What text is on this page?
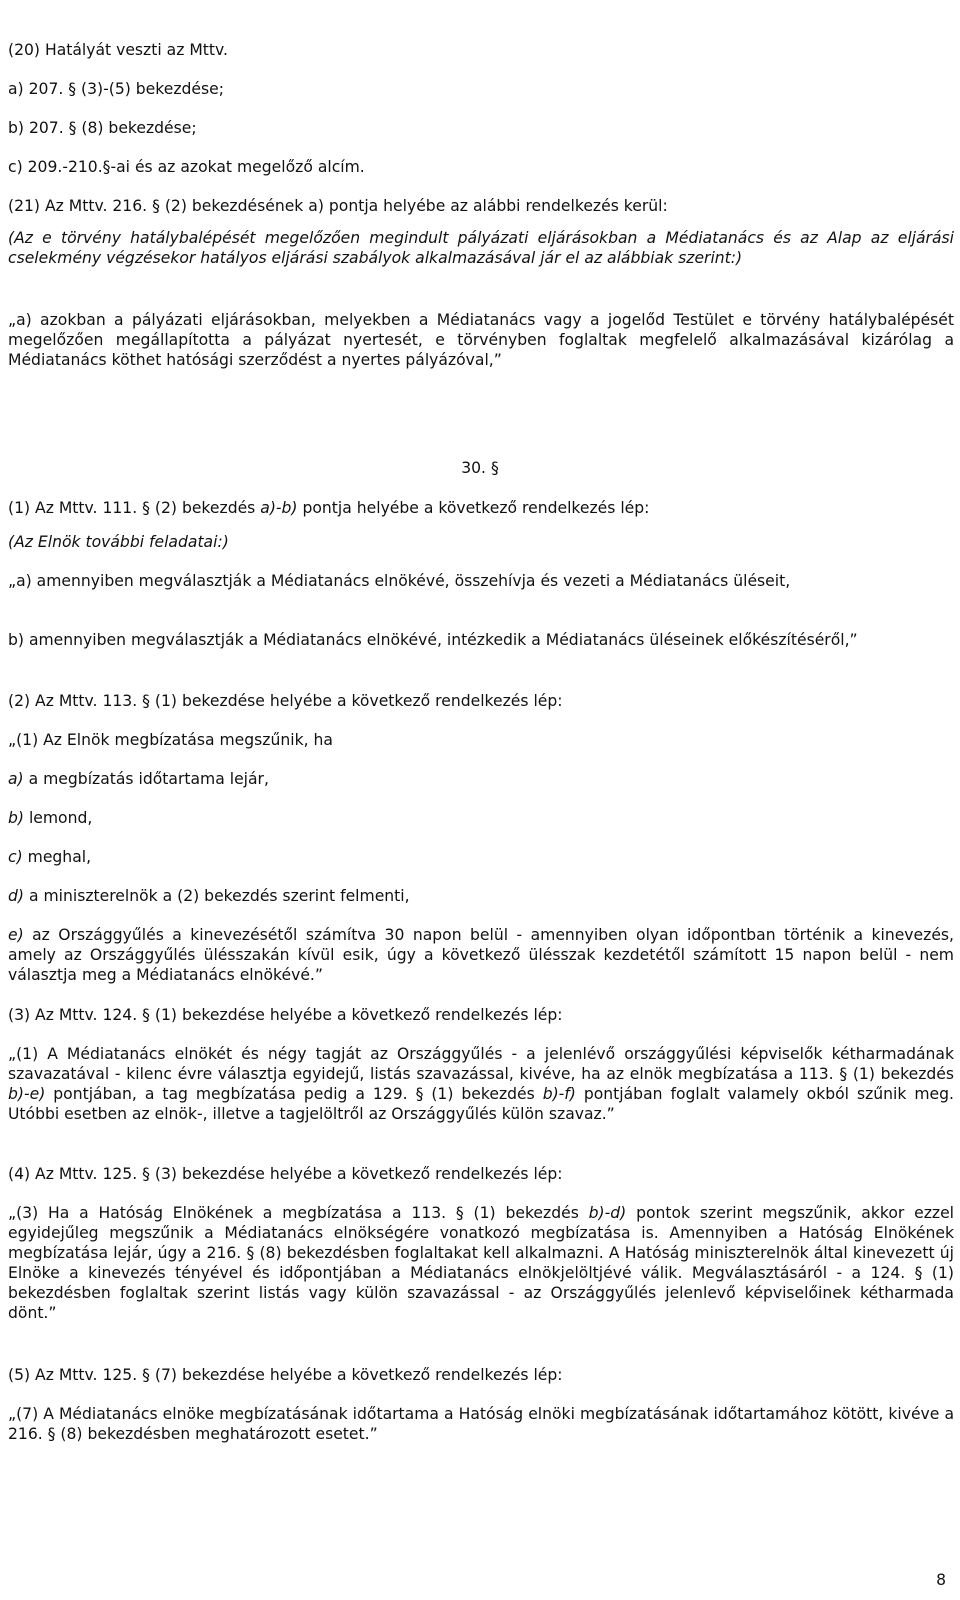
(20) Hatályát veszti az Mttv.

a) 207. § (3)-(5) bekezdése;

b) 207. § (8) bekezdése;

c) 209.-210.§-ai és az azokat megelőző alcím.

(21) Az Mttv. 216. § (2) bekezdésének a) pontja helyébe az alábbi rendelkezés kerül:

(Az e törvény hatálybalépését megelőzően megindult pályázati eljárásokban a Médiatanács és az Alap az eljárási cselekmény végzésekor hatályos eljárási szabályok alkalmazásával jár el az alábbiak szerint:)

„a) azokban a pályázati eljárásokban, melyekben a Médiatanács vagy a jogelőd Testület e törvény hatálybalépését megelőzően megállapította a pályázat nyertesét, e törvényben foglaltak megfelelő alkalmazásával kizárólag a Médiatanács köthet hatósági szerződést a nyertes pályázóval,”

30. §

(1) Az Mttv. 111. § (2) bekezdés a)-b) pontja helyébe a következő rendelkezés lép:

(Az Elnök további feladatai:)

„a) amennyiben megválasztják a Médiatanács elnökévé, összehívja és vezeti a Médiatanács üléseit,

b) amennyiben megválasztják a Médiatanács elnökévé, intézkedik a Médiatanács üléseinek előkészítéséről,”

(2) Az Mttv. 113. § (1) bekezdése helyébe a következő rendelkezés lép:

„(1) Az Elnök megbízatása megszűnik, ha

a) a megbízatás időtartama lejár,

b) lemond,

c) meghal,

d) a miniszterelnök a (2) bekezdés szerint felmenti,

e) az Országgyűlés a kinevezésétől számítva 30 napon belül - amennyiben olyan időpontban történik a kinevezés, amely az Országgyűlés ülésszakán kívül esik, úgy a következő ülésszak kezdetétől számított 15 napon belül - nem választja meg a Médiatanács elnökévé.”

(3) Az Mttv. 124. § (1) bekezdése helyébe a következő rendelkezés lép:

„(1) A Médiatanács elnökét és négy tagját az Országgyűlés - a jelenlévő országgyűlési képviselők kétharmadának szavazatával - kilenc évre választja egyidejű, listás szavazással, kivéve, ha az elnök megbízatása a 113. § (1) bekezdés b)-e) pontjában, a tag megbízatása pedig a 129. § (1) bekezdés b)-f) pontjában foglalt valamely okból szűnik meg. Utóbbi esetben az elnök-, illetve a tagjelöltről az Országgyűlés külön szavaz.”

(4) Az Mttv. 125. § (3) bekezdése helyébe a következő rendelkezés lép:

„(3) Ha a Hatóság Elnökének a megbízatása a 113. § (1) bekezdés b)-d) pontok szerint megszűnik, akkor ezzel egyidejűleg megszűnik a Médiatanács elnökségére vonatkozó megbízatása is. Amennyiben a Hatóság Elnökének megbízatása lejár, úgy a 216. § (8) bekezdésben foglaltakat kell alkalmazni. A Hatóság miniszterelnök által kinevezett új Elnöke a kinevezés tényével és időpontjában a Médiatanács elnökjelöltjévé válik. Megválasztásáról - a 124. § (1) bekezdésben foglaltak szerint listás vagy külön szavazással - az Országgyűlés jelenlevő képviselőinek kétharmada dönt.”

(5) Az Mttv. 125. § (7) bekezdése helyébe a következő rendelkezés lép:

„(7) A Médiatanács elnöke megbízatásának időtartama a Hatóság elnöki megbízatásának időtartamához kötött, kivéve a 216. § (8) bekezdésben meghatározott esetet.”

8
